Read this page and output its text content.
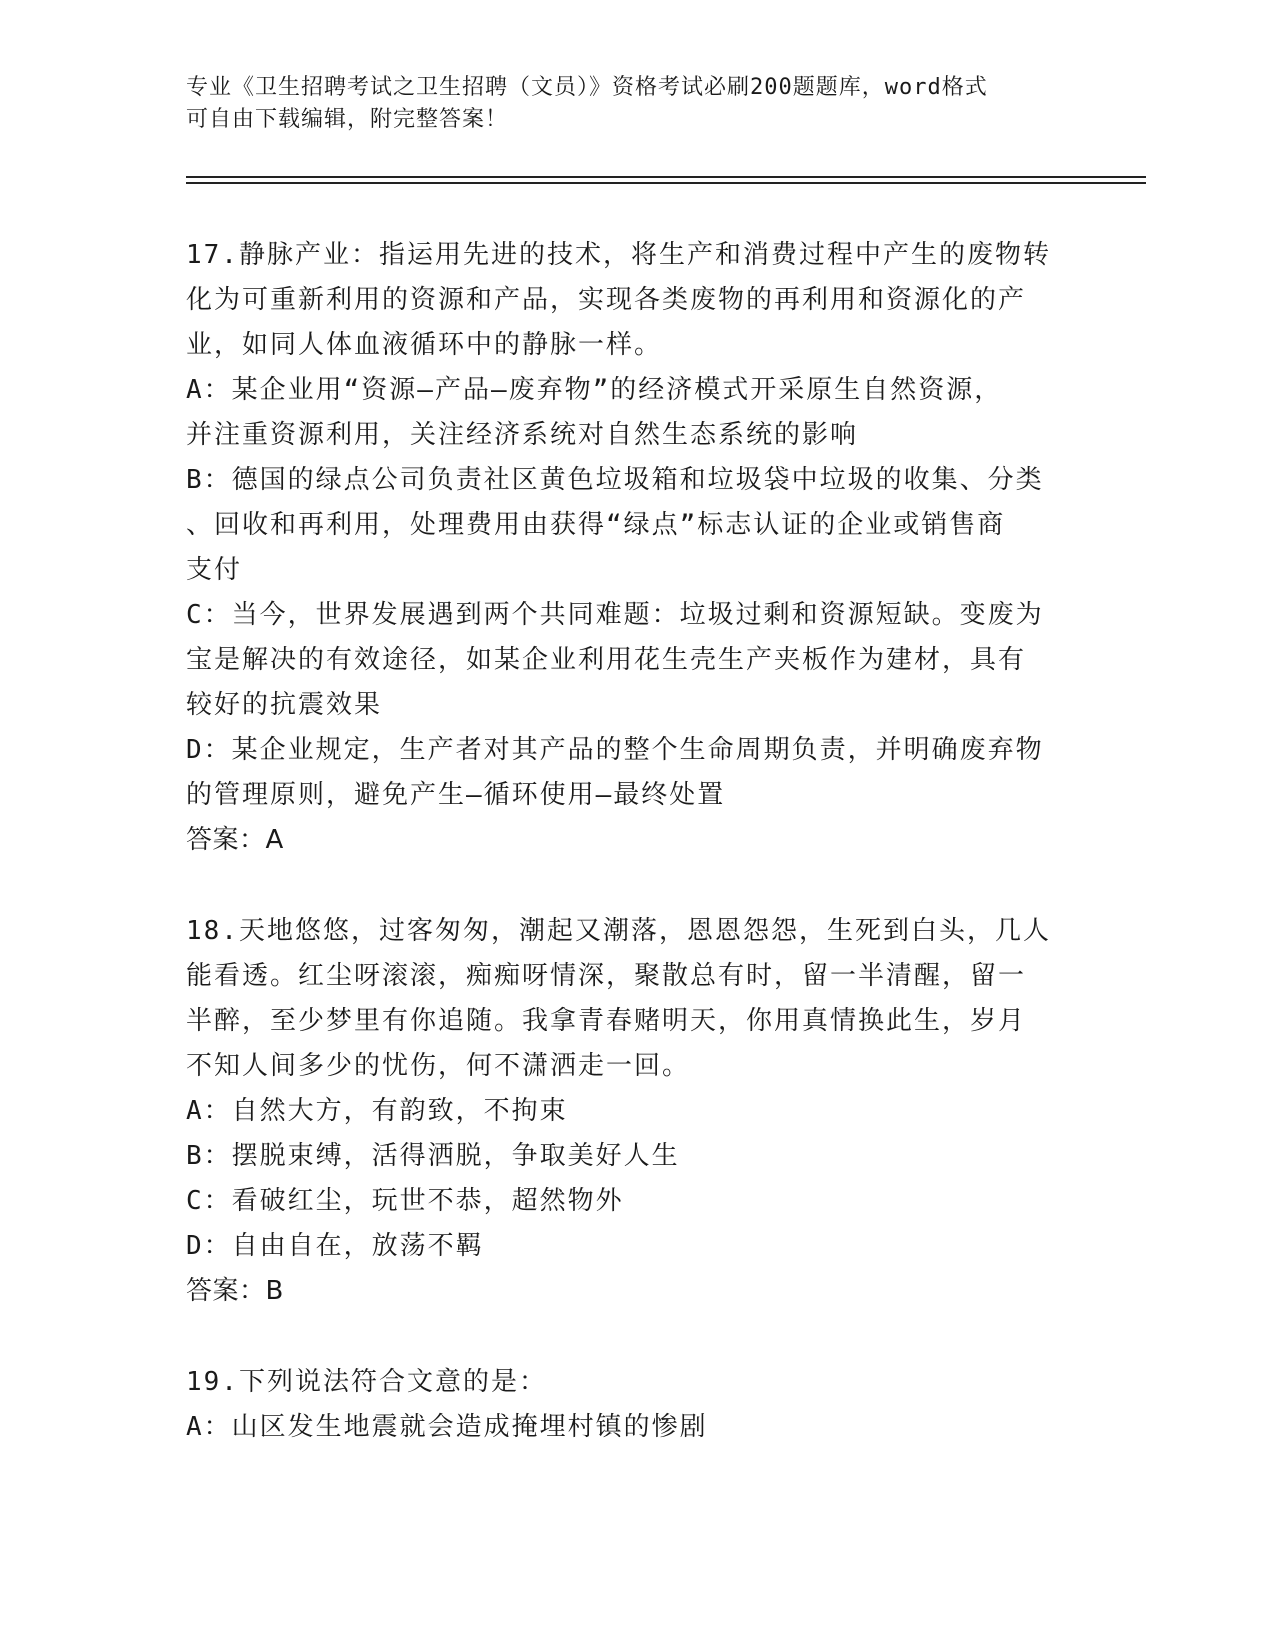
专业《卫生招聘考试之卫生招聘（文员）》资格考试必刷200题题库，word格式
可自由下载编辑，附完整答案！

17.静脉产业：指运用先进的技术，将生产和消费过程中产生的废物转

化为可重新利用的资源和产品，实现各类废物的再利用和资源化的产

业，如同人体血液循环中的静脉一样。

A：某企业用“资源—产品—废弃物”的经济模式开采原生自然资源，

并注重资源利用，关注经济系统对自然生态系统的影响

B：德国的绿点公司负责社区黄色垃圾箱和垃圾袋中垃圾的收集、分类

、回收和再利用，处理费用由获得“绿点”标志认证的企业或销售商

支付

C：当今，世界发展遇到两个共同难题：垃圾过剩和资源短缺。变废为

宝是解决的有效途径，如某企业利用花生壳生产夹板作为建材，具有

较好的抗震效果

D：某企业规定，生产者对其产品的整个生命周期负责，并明确废弃物

的管理原则，避免产生—循环使用—最终处置

答案：A

18.天地悠悠，过客匆匆，潮起又潮落，恩恩怨怨，生死到白头，几人

能看透。红尘呀滚滚，痴痴呀情深，聚散总有时，留一半清醒，留一

半醉，至少梦里有你追随。我拿青春赌明天，你用真情换此生，岁月

不知人间多少的忧伤，何不潇洒走一回。

A：自然大方，有韵致，不拘束

B：摆脱束缚，活得洒脱，争取美好人生

C：看破红尘，玩世不恭，超然物外

D：自由自在，放荡不羁

答案：B

19.下列说法符合文意的是：

A：山区发生地震就会造成掩埋村镇的惨剧
